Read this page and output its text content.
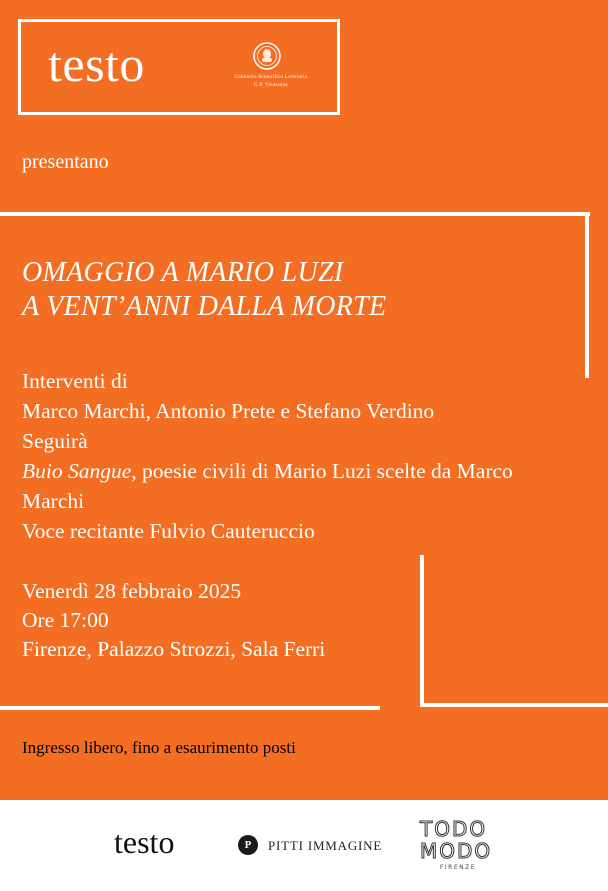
testo	Gabinetto Scientifico Letterario
G.P. Vieusseux
presentano
OMAGGIO A MARIO LUZI
A VENT’ANNI DALLA MORTE
Interventi di
Marco Marchi, Antonio Prete e Stefano Verdino
Seguirà
Buio Sangue, poesie civili di Mario Luzi scelte da Marco Marchi
Voce recitante Fulvio Cauteruccio
Venerdì 28 febbraio 2025
Ore 17:00
Firenze, Palazzo Strozzi, Sala Ferri
Ingresso libero, fino a esaurimento posti
testo	P	PITTI IMMAGINE
TODO
MODO
FIRENZE
